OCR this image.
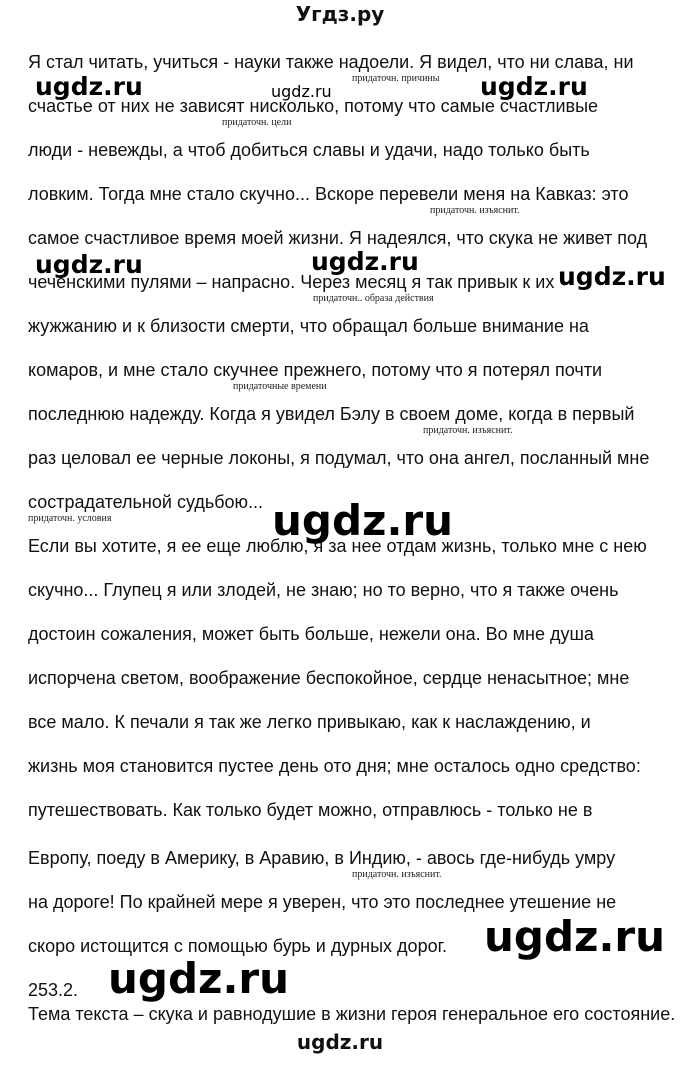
Угдз.ру
Я стал читать, учиться - науки также надоели. Я видел, что ни слава, ни
счастье от них не зависят нисколько, потому что самые счастливые
люди - невежды, а чтоб добиться славы и удачи, надо только быть
ловким. Тогда мне стало скучно... Вскоре перевели меня на Кавказ: это
самое счастливое время моей жизни. Я надеялся, что скука не живет под
чеченскими пулями – напрасно. Через месяц я так привык к их
жужжанию и к близости смерти, что обращал больше внимание на
комаров, и мне стало скучнее прежнего, потому что я потерял почти
последнюю надежду. Когда я увидел Бэлу в своем доме, когда в первый
раз целовал ее черные локоны, я подумал, что она ангел, посланный мне
сострадательной судьбою...
Если вы хотите, я ее еще люблю, я за нее отдам жизнь, только мне с нею
скучно... Глупец я или злодей, не знаю; но то верно, что я также очень
достоин сожаления, может быть больше, нежели она. Во мне душа
испорчена светом, воображение беспокойное, сердце ненасытное; мне
все мало. К печали я так же легко привыкаю, как к наслаждению, и
жизнь моя становится пустее день ото дня; мне осталось одно средство:
путешествовать. Как только будет можно, отправлюсь - только не в
Европу, поеду в Америку, в Аравию, в Индию, - авось где-нибудь умру
на дороге! По крайней мере я уверен, что это последнее утешение не
скоро истощится с помощью бурь и дурных дорог.
253.2.
Тема текста – скука и равнодушие в жизни героя генеральное его состояние.
придаточн. причины
придаточн. цели
придаточн. изъяснит.
придаточн.. образа действия
придаточные времени
придаточн. изъяснит.
придаточн. условия
придаточн. изъяснит.
ugdz.ru	ugdz.ru	ugdz.ru
ugdz.ru	ugdz.ru
ugdz.ru
ugdz.ru
ugdz.ru
ugdz.ru
ugdz.ru
